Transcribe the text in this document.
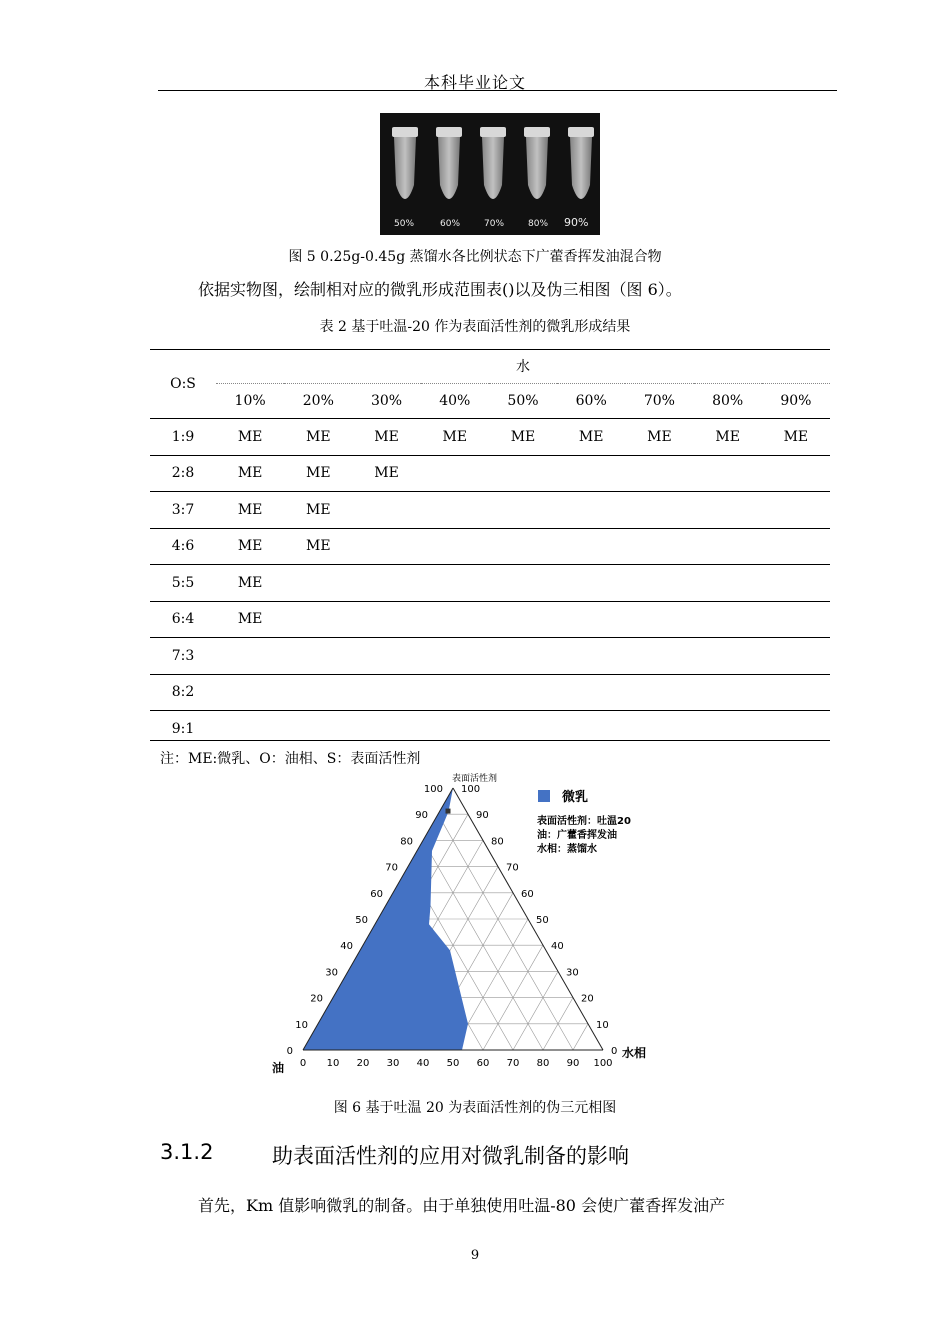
本科毕业论文
50%	60%	70%	80% 90%
图 5 0.25g-0.45g 蒸馏水各比例状态下广藿香挥发油混合物
依据实物图，绘制相对应的微乳形成范围表()以及伪三相图（图 6）。
表 2 基于吐温-20 作为表面活性剂的微乳形成结果
O:S	水								
	10%	20%	30%	40%	50%	60%	70%	80%	90%
1:9	ME	ME	ME	ME	ME	ME	ME	ME	ME
2:8	ME	ME	ME						
3:7	ME	ME							
4:6	ME	ME							
5:5	ME								
6:4	ME								
7:3									
8:2									
9:1									
注：ME:微乳、O：油相、S：表面活性剂
0
100
0
10
90
10
20
80
20
30
70
30
40
60
40
50
50	50
60
40
60
70
30
70
80
20
80
90
10
90
100
0
100
表面活性剂
油
水相
微乳
表面活性剂：吐温20
油：广藿香挥发油
水相：蒸馏水
图 6 基于吐温 20 为表面活性剂的伪三元相图
3.1.2	助表面活性剂的应用对微乳制备的影响
首先，Km 值影响微乳的制备。由于单独使用吐温-80 会使广藿香挥发油产
9
